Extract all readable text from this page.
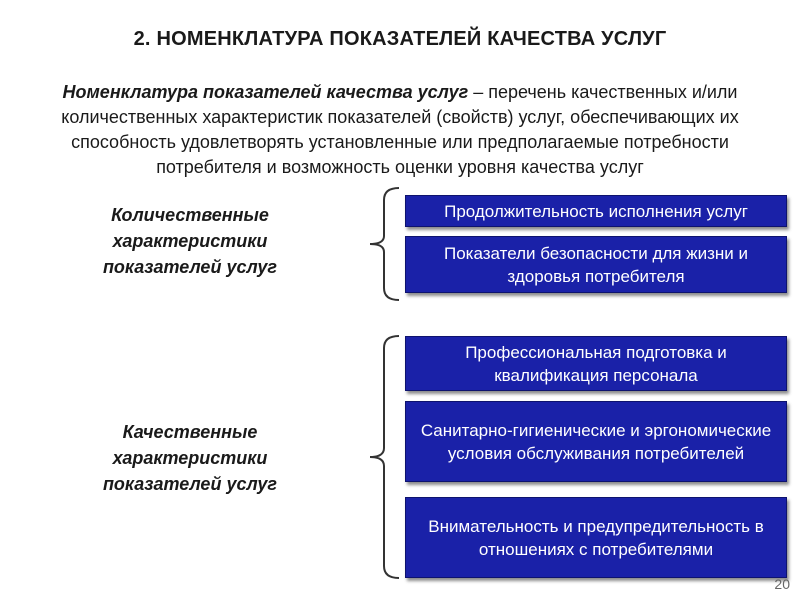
2. НОМЕНКЛАТУРА ПОКАЗАТЕЛЕЙ КАЧЕСТВА УСЛУГ
Номенклатура показателей качества услуг – перечень качественных и/или количественных характеристик показателей (свойств) услуг, обеспечивающих их способность удовлетворять установленные или предполагаемые потребности потребителя и возможность оценки уровня качества услуг
Количественные
характеристики
показателей услуг
Продолжительность исполнения услуг
Показатели безопасности для жизни и здоровья потребителя
Качественные
характеристики
показателей услуг
Профессиональная подготовка и квалификация персонала
Санитарно-гигиенические и эргономические условия обслуживания потребителей
Внимательность и предупредительность в отношениях с потребителями
20
